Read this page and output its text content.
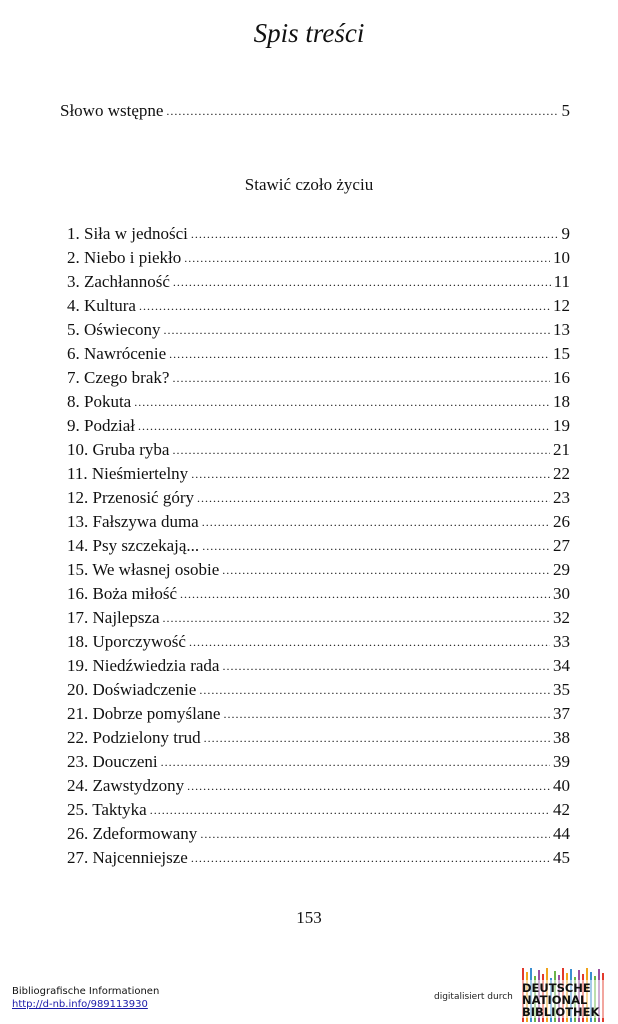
Spis treści
Słowo wstępne .....	5
Stawić czoło życiu
1. Siła w jedności .....	9
2. Niebo i piekło .....	10
3. Zachłanność .....	11
4. Kultura .....	12
5. Oświecony .....	13
6. Nawrócenie .....	15
7. Czego brak? .....	16
8. Pokuta .....	18
9. Podział .....	19
10. Gruba ryba .....	21
11. Nieśmiertelny .....	22
12. Przenosić góry .....	23
13. Fałszywa duma .....	26
14. Psy szczekają... .....	27
15. We własnej osobie .....	29
16. Boża miłość .....	30
17. Najlepsza .....	32
18. Uporczywość .....	33
19. Niedźwiedzia rada .....	34
20. Doświadczenie .....	35
21. Dobrze pomyślane .....	37
22. Podzielony trud .....	38
23. Douczeni .....	39
24. Zawstydzony .....	40
25. Taktyka .....	42
26. Zdeformowany .....	44
27. Najcenniejsze .....	45
153
Bibliografische Informationen
http://d-nb.info/989113930
digitalisiert durch
DEUTSCHE
NATIONAL
BIBLIOTHEK
